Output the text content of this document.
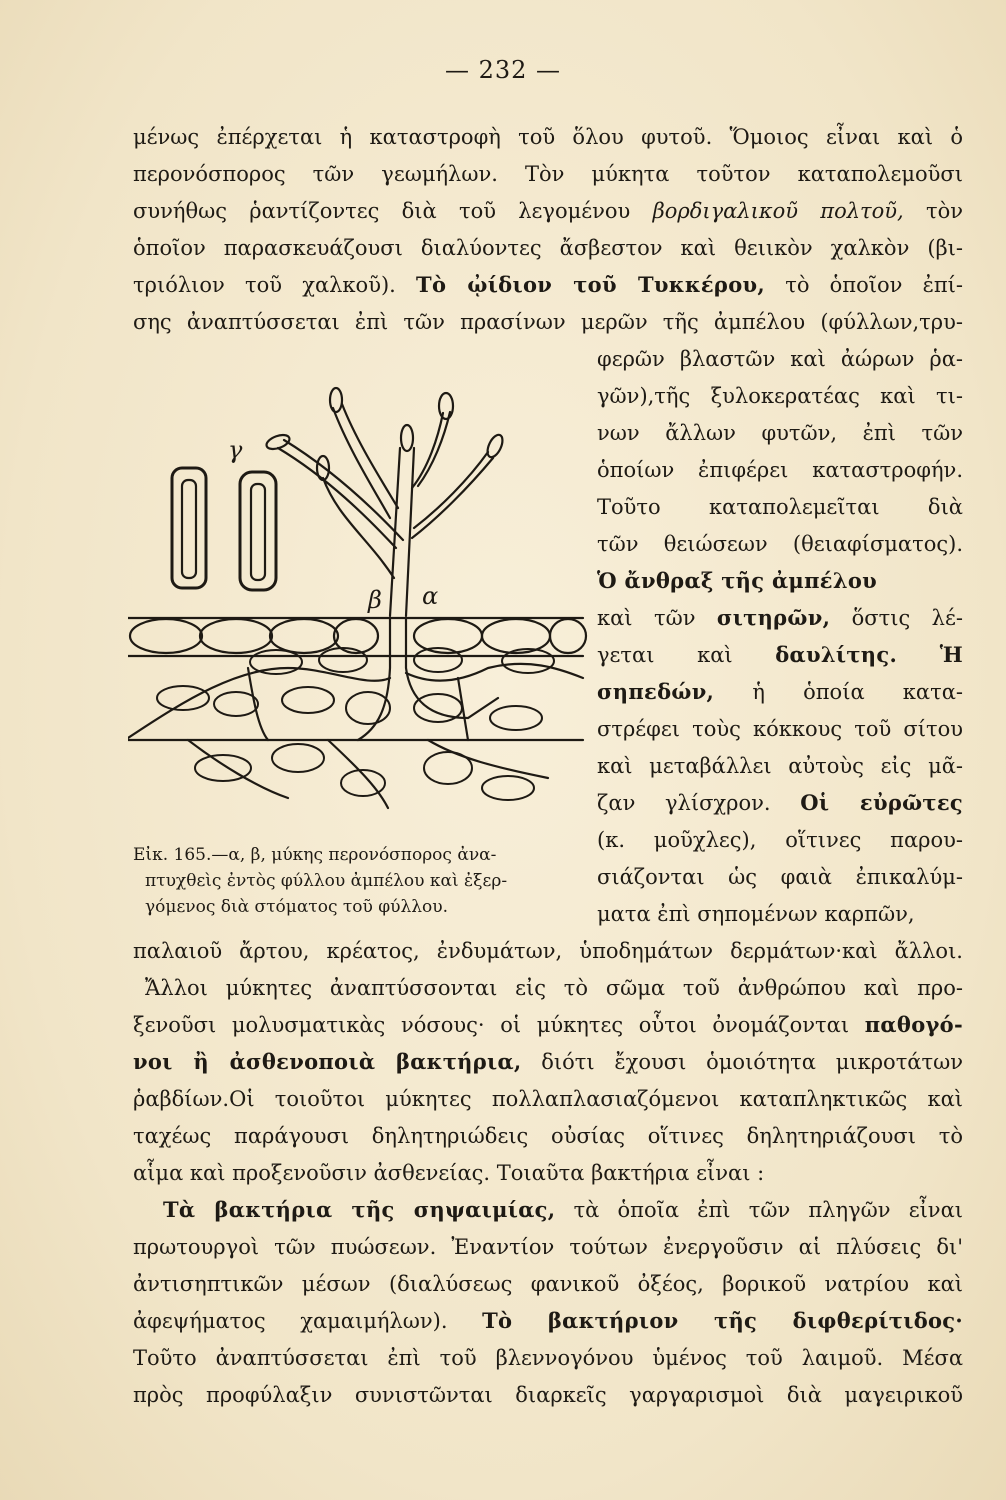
— 232 —
μένως ἐπέρχεται ἡ καταστροφὴ τοῦ ὅλου φυτοῦ. Ὅμοιος εἶναι καὶ ὁ
περονόσπορος τῶν γεωμήλων. Τὸν μύκητα τοῦτον καταπολεμοῦσι
συνήθως ῥαντίζοντες διὰ τοῦ λεγομένου βορδιγαλικοῦ πολτοῦ, τὸν
ὁποῖον παρασκευάζουσι διαλύοντες ἄσβεστον καὶ θειικὸν χαλκὸν (βι-
τριόλιον τοῦ χαλκοῦ). Τὸ ᾠίδιον τοῦ Τυκκέρου, τὸ ὁποῖον ἐπί-
σης ἀναπτύσσεται ἐπὶ τῶν πρασίνων μερῶν τῆς ἀμπέλου (φύλλων,τρυ-
φερῶν βλαστῶν καὶ ἀώρων ῥα-
γῶν),τῆς ξυλοκερατέας καὶ τι-
νων ἄλλων φυτῶν, ἐπὶ τῶν
ὁποίων ἐπιφέρει καταστροφήν.
Τοῦτο καταπολεμεῖται διὰ
τῶν θειώσεων (θειαφίσματος).
Ὁ ἄνθραξ τῆς ἀμπέλου
καὶ τῶν σιτηρῶν, ὅστις λέ-
γεται καὶ δαυλίτης. Ἡ
σηπεδών, ἡ ὁποία κατα-
στρέφει τοὺς κόκκους τοῦ σίτου
καὶ μεταβάλλει αὐτοὺς εἰς μᾶ-
ζαν γλίσχρον. Οἱ εὐρῶτες
(κ. μοῦχλες), οἵτινες παρου-
σιάζονται ὡς φαιὰ ἐπικαλύμ-
ματα ἐπὶ σηπομένων καρπῶν,
γ
β α
Εἰκ. 165.—α, β, μύκης περονόσπορος ἀνα-
πτυχθεὶς ἐντὸς φύλλου ἀμπέλου καὶ ἐξερ-
γόμενος διὰ στόματος τοῦ φύλλου.
παλαιοῦ ἄρτου, κρέατος, ἐνδυμάτων, ὑποδημάτων δερμάτων·καὶ ἄλλοι.
Ἄλλοι μύκητες ἀναπτύσσονται εἰς τὸ σῶμα τοῦ ἀνθρώπου καὶ προ-
ξενοῦσι μολυσματικὰς νόσους· οἱ μύκητες οὗτοι ὀνομάζονται παθογό-
νοι ἢ ἀσθενοποιὰ βακτήρια, διότι ἔχουσι ὁμοιότητα μικροτάτων
ῥαβδίων.Οἱ τοιοῦτοι μύκητες πολλαπλασιαζόμενοι καταπληκτικῶς καὶ
ταχέως παράγουσι δηλητηριώδεις οὐσίας οἵτινες δηλητηριάζουσι τὸ
αἷμα καὶ προξενοῦσιν ἀσθενείας. Τοιαῦτα βακτήρια εἶναι :
Τὰ βακτήρια τῆς σηψαιμίας, τὰ ὁποῖα ἐπὶ τῶν πληγῶν εἶναι
πρωτουργοὶ τῶν πυώσεων. Ἐναντίον τούτων ἐνεργοῦσιν αἱ πλύσεις δι'
ἀντισηπτικῶν μέσων (διαλύσεως φανικοῦ ὀξέος, βορικοῦ νατρίου καὶ
ἀφεψήματος χαμαιμήλων). Τὸ βακτήριον τῆς διφθερίτιδος·
Τοῦτο ἀναπτύσσεται ἐπὶ τοῦ βλεννογόνου ὑμένος τοῦ λαιμοῦ. Μέσα
πρὸς προφύλαξιν συνιστῶνται διαρκεῖς γαργαρισμοὶ διὰ μαγειρικοῦ
